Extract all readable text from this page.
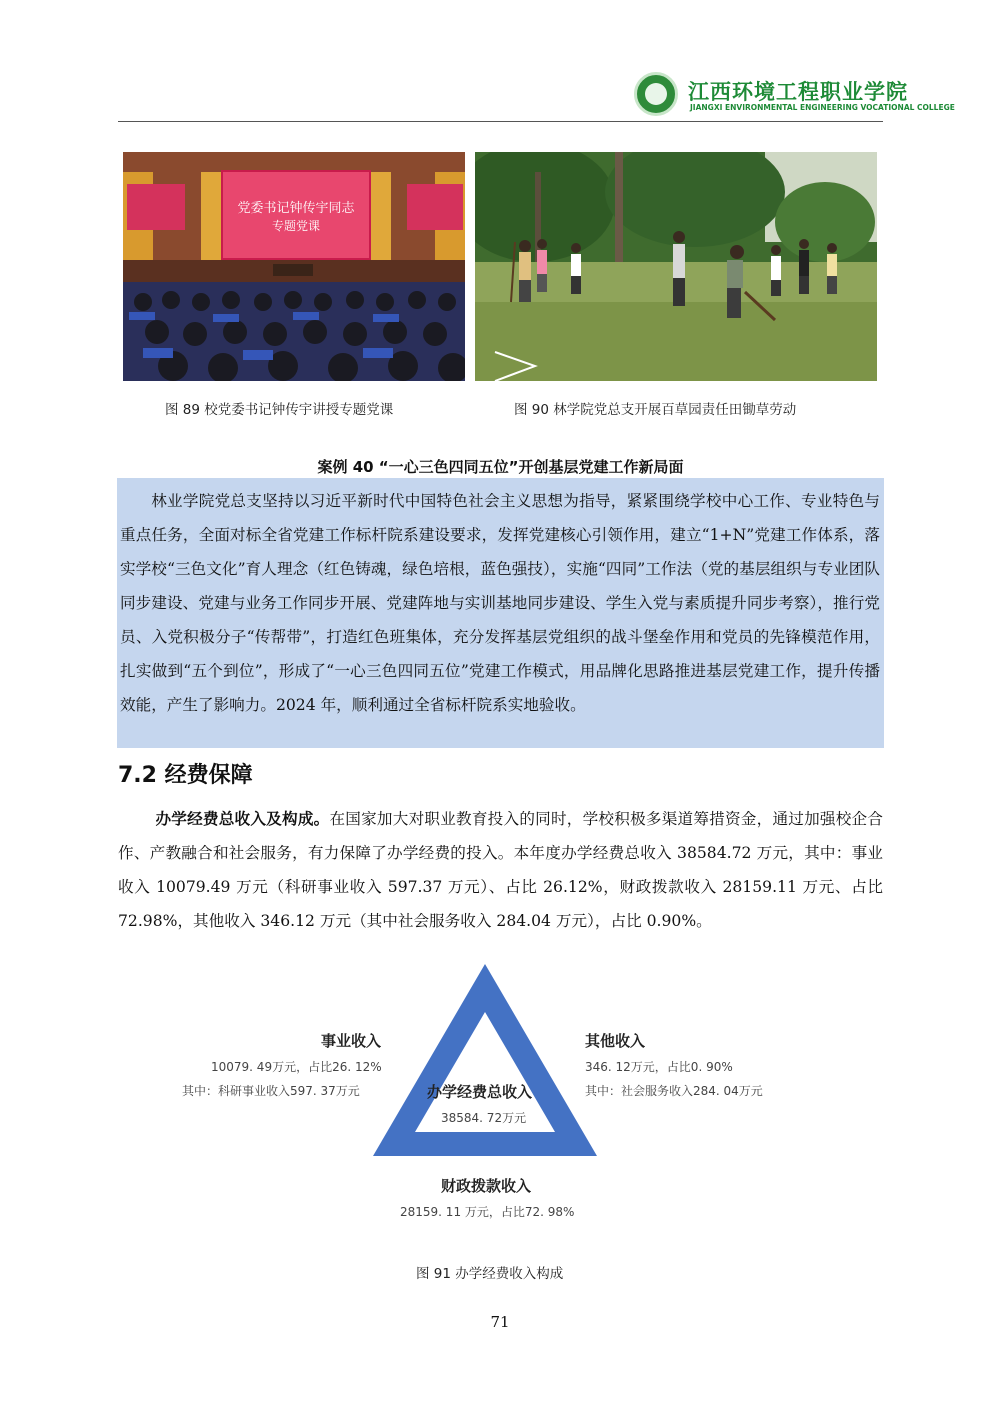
江西环境工程职业学院
JIANGXI ENVIRONMENTAL ENGINEERING VOCATIONAL COLLEGE
党委书记钟传宇同志
专题党课
图 89 校党委书记钟传宇讲授专题党课	图 90 林学院党总支开展百草园责任田锄草劳动
案例 40 “一心三色四同五位”开创基层党建工作新局面
林业学院党总支坚持以习近平新时代中国特色社会主义思想为指导，紧紧围绕学校中心工作、专业特色与重点任务，全面对标全省党建工作标杆院系建设要求，发挥党建核心引领作用，建立“1+N”党建工作体系，落实学校“三色文化”育人理念（红色铸魂，绿色培根，蓝色强技），实施“四同”工作法（党的基层组织与专业团队同步建设、党建与业务工作同步开展、党建阵地与实训基地同步建设、学生入党与素质提升同步考察），推行党员、入党积极分子“传帮带”，打造红色班集体，充分发挥基层党组织的战斗堡垒作用和党员的先锋模范作用，扎实做到“五个到位”，形成了“一心三色四同五位”党建工作模式，用品牌化思路推进基层党建工作，提升传播效能，产生了影响力。2024 年，顺利通过全省标杆院系实地验收。
7.2 经费保障
办学经费总收入及构成。在国家加大对职业教育投入的同时，学校积极多渠道筹措资金，通过加强校企合作、产教融合和社会服务，有力保障了办学经费的投入。本年度办学经费总收入 38584.72 万元，其中：事业收入 10079.49 万元（科研事业收入 597.37 万元）、占比 26.12%，财政拨款收入 28159.11 万元、占比 72.98%，其他收入 346.12 万元（其中社会服务收入 284.04 万元），占比 0.90%。
办学经费总收入
38584. 72万元
事业收入
10079. 49万元，占比26. 12%
其中：科研事业收入597. 37万元
其他收入
346. 12万元，占比0. 90%
其中：社会服务收入284. 04万元
财政拨款收入
28159. 11 万元，占比72. 98%
图 91 办学经费收入构成
71
